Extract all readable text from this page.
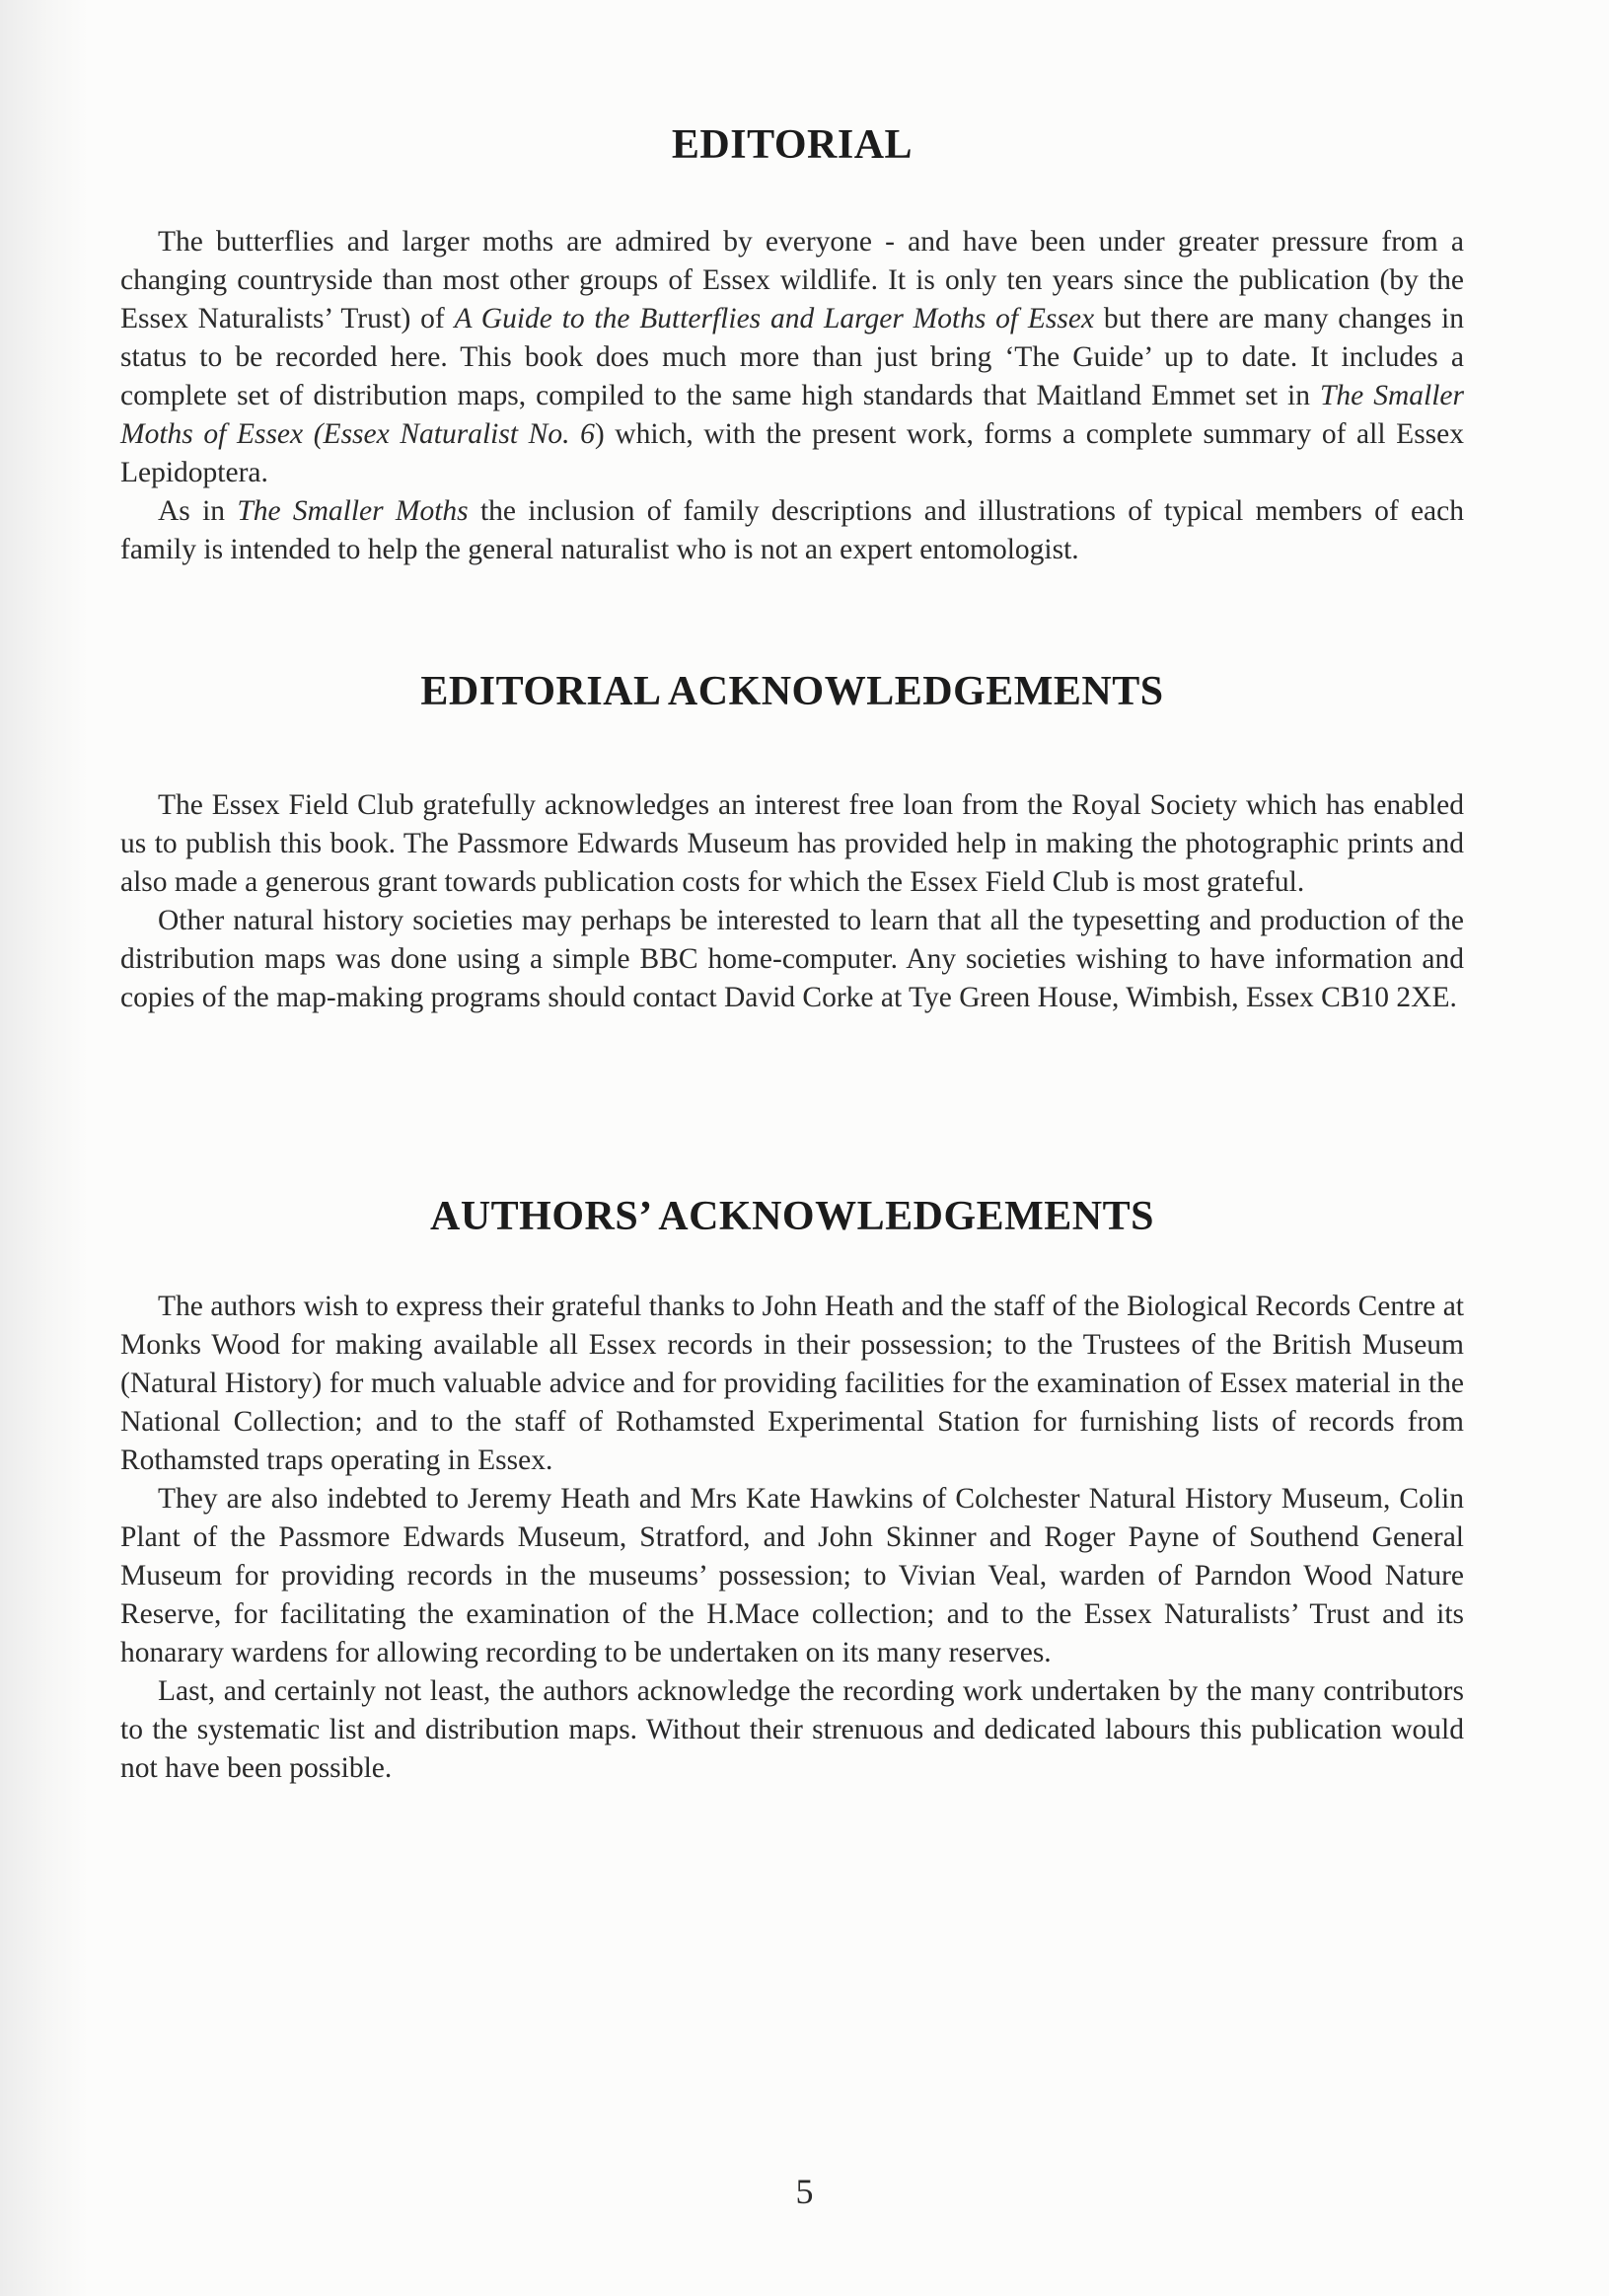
EDITORIAL

The butterflies and larger moths are admired by everyone - and have been under greater pressure from a changing countryside than most other groups of Essex wildlife. It is only ten years since the publication (by the Essex Naturalists’ Trust) of A Guide to the Butterflies and Larger Moths of Essex but there are many changes in status to be recorded here. This book does much more than just bring ‘The Guide’ up to date. It includes a complete set of distribution maps, compiled to the same high standards that Maitland Emmet set in The Smaller Moths of Essex (Essex Naturalist No. 6) which, with the present work, forms a complete summary of all Essex Lepidoptera.

As in The Smaller Moths the inclusion of family descriptions and illustrations of typical members of each family is intended to help the general naturalist who is not an expert entomologist.

EDITORIAL ACKNOWLEDGEMENTS

The Essex Field Club gratefully acknowledges an interest free loan from the Royal Society which has enabled us to publish this book. The Passmore Edwards Museum has provided help in making the photographic prints and also made a generous grant towards publication costs for which the Essex Field Club is most grateful.

Other natural history societies may perhaps be interested to learn that all the typesetting and production of the distribution maps was done using a simple BBC home-computer. Any societies wishing to have information and copies of the map-making programs should contact David Corke at Tye Green House, Wimbish, Essex CB10 2XE.

AUTHORS’ ACKNOWLEDGEMENTS

The authors wish to express their grateful thanks to John Heath and the staff of the Biological Records Centre at Monks Wood for making available all Essex records in their possession; to the Trustees of the British Museum (Natural History) for much valuable advice and for providing facilities for the examination of Essex material in the National Collection; and to the staff of Rothamsted Experimental Station for furnishing lists of records from Rothamsted traps operating in Essex.

They are also indebted to Jeremy Heath and Mrs Kate Hawkins of Colchester Natural History Museum, Colin Plant of the Passmore Edwards Museum, Stratford, and John Skinner and Roger Payne of Southend General Museum for providing records in the museums’ possession; to Vivian Veal, warden of Parndon Wood Nature Reserve, for facilitating the examination of the H.Mace collection; and to the Essex Naturalists’ Trust and its honarary wardens for allowing recording to be undertaken on its many reserves.

Last, and certainly not least, the authors acknowledge the recording work undertaken by the many contributors to the systematic list and distribution maps. Without their strenuous and dedicated labours this publication would not have been possible.

5
